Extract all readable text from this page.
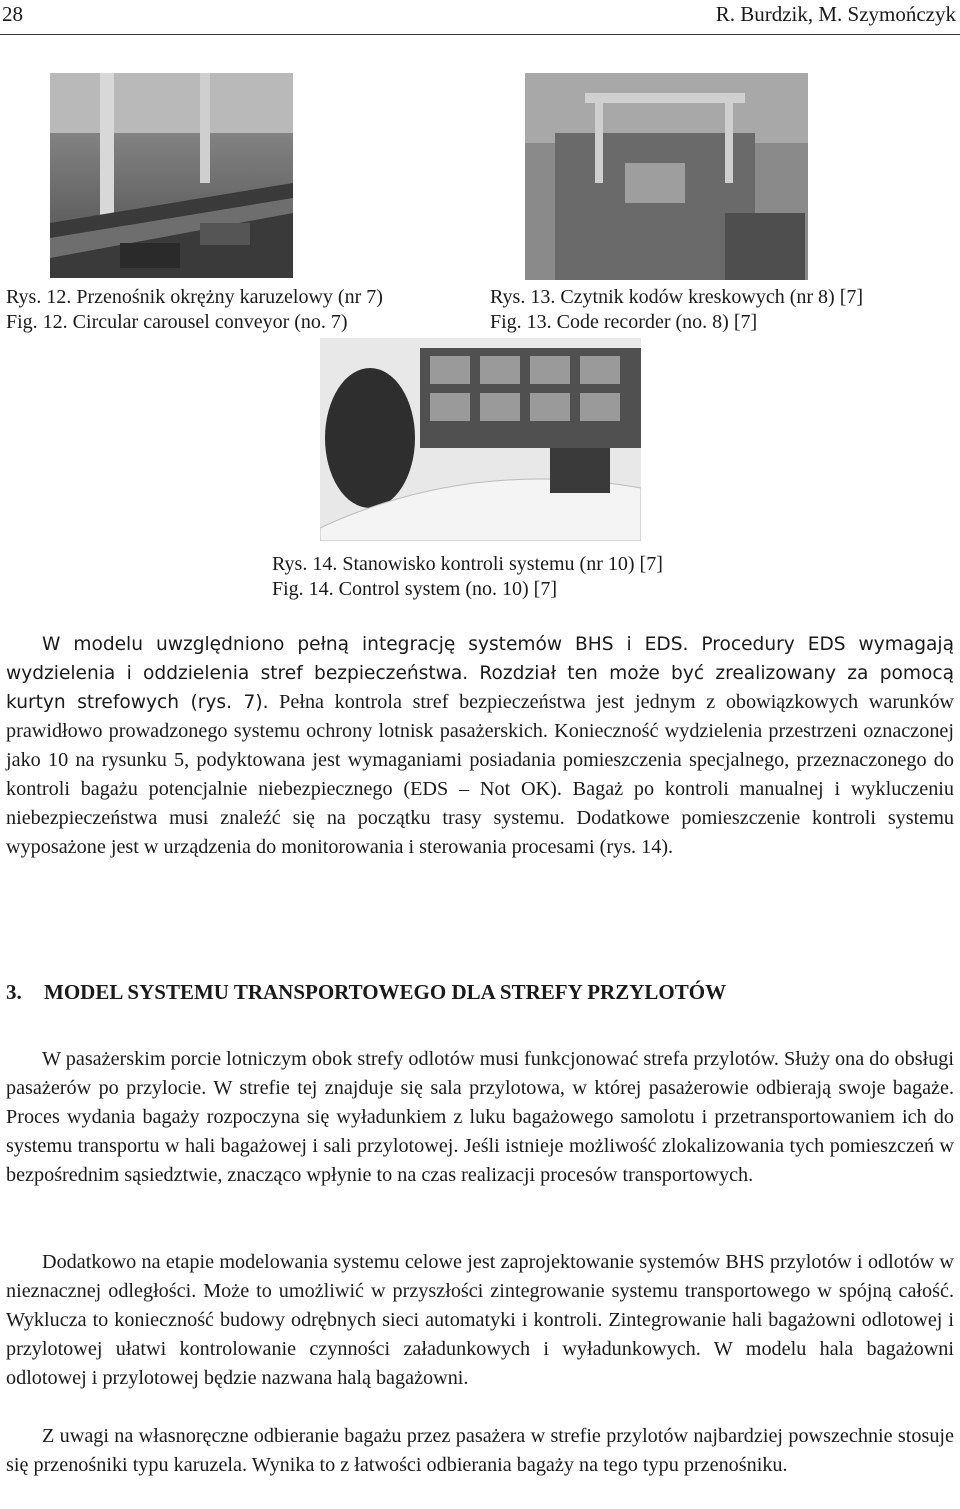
28	R. Burdzik, M. Szymończyk
Rys. 12. Przenośnik okrężny karuzelowy (nr 7)
Fig. 12. Circular carousel conveyor (no. 7)
Rys. 13. Czytnik kodów kreskowych (nr 8) [7]
Fig. 13. Code recorder (no. 8) [7]
Rys. 14. Stanowisko kontroli systemu (nr 10) [7]
Fig. 14. Control system (no. 10) [7]
W modelu uwzględniono pełną integrację systemów BHS i EDS. Procedury EDS wymagają wydzielenia i oddzielenia stref bezpieczeństwa. Rozdział ten może być zrealizowany za pomocą kurtyn strefowych (rys. 7). Pełna kontrola stref bezpieczeństwa jest jednym z obowiązkowych warunków prawidłowo prowadzonego systemu ochrony lotnisk pasażerskich. Konieczność wydzielenia przestrzeni oznaczonej jako 10 na rysunku 5, podyktowana jest wymaganiami posiadania pomieszczenia specjalnego, przeznaczonego do kontroli bagażu potencjalnie niebezpiecznego (EDS – Not OK). Bagaż po kontroli manualnej i wykluczeniu niebezpieczeństwa musi znaleźć się na początku trasy systemu. Dodatkowe pomieszczenie kontroli systemu wyposażone jest w urządzenia do monitorowania i sterowania procesami (rys. 14).
3. MODEL SYSTEMU TRANSPORTOWEGO DLA STREFY PRZYLOTÓW
W pasażerskim porcie lotniczym obok strefy odlotów musi funkcjonować strefa przylotów. Służy ona do obsługi pasażerów po przylocie. W strefie tej znajduje się sala przylotowa, w której pasażerowie odbierają swoje bagaże. Proces wydania bagaży rozpoczyna się wyładunkiem z luku bagażowego samolotu i przetransportowaniem ich do systemu transportu w hali bagażowej i sali przylotowej. Jeśli istnieje możliwość zlokalizowania tych pomieszczeń w bezpośrednim sąsiedztwie, znacząco wpłynie to na czas realizacji procesów transportowych.
Dodatkowo na etapie modelowania systemu celowe jest zaprojektowanie systemów BHS przylotów i odlotów w nieznacznej odległości. Może to umożliwić w przyszłości zintegrowanie systemu transportowego w spójną całość. Wyklucza to konieczność budowy odrębnych sieci automatyki i kontroli. Zintegrowanie hali bagażowni odlotowej i przylotowej ułatwi kontrolowanie czynności załadunkowych i wyładunkowych. W modelu hala bagażowni odlotowej i przylotowej będzie nazwana halą bagażowni.
Z uwagi na własnoręczne odbieranie bagażu przez pasażera w strefie przylotów najbardziej powszechnie stosuje się przenośniki typu karuzela. Wynika to z łatwości odbierania bagaży na tego typu przenośniku.
